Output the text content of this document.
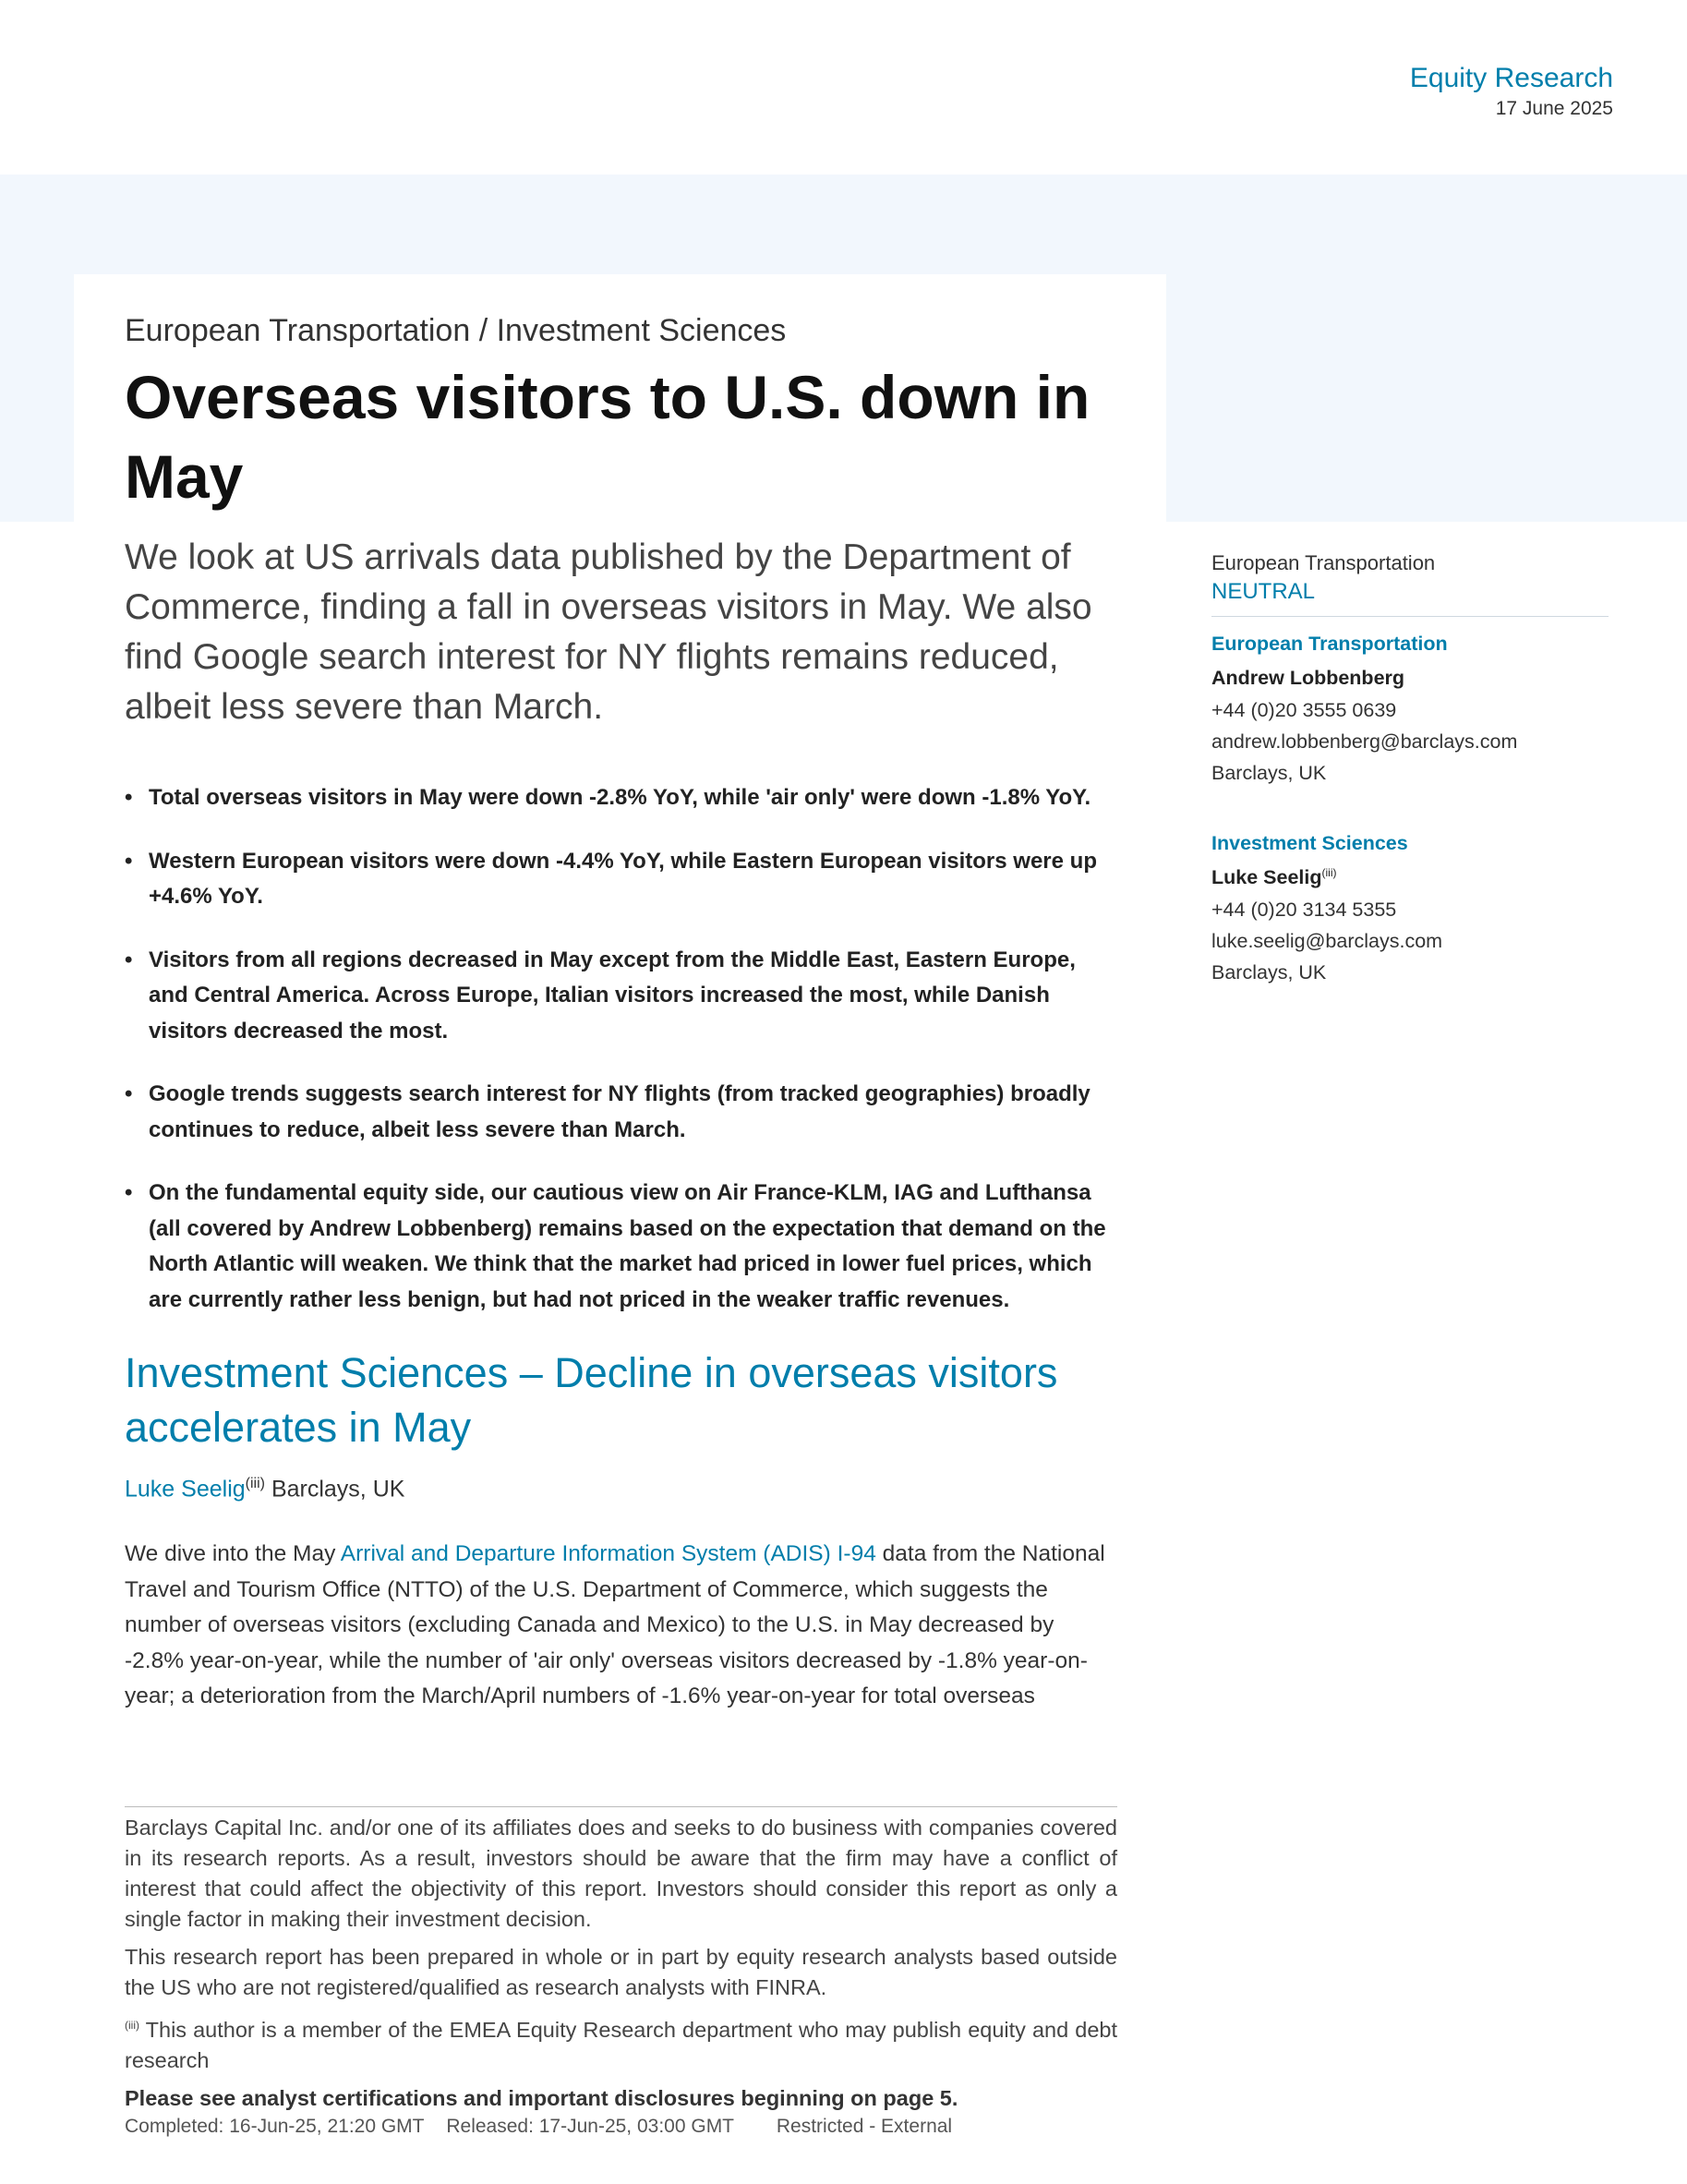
Equity Research
17 June 2025

European Transportation / Investment Sciences

Overseas visitors to U.S. down in May

We look at US arrivals data published by the Department of Commerce, finding a fall in overseas visitors in May. We also find Google search interest for NY flights remains reduced, albeit less severe than March.

• Total overseas visitors in May were down -2.8% YoY, while 'air only' were down -1.8% YoY.
• Western European visitors were down -4.4% YoY, while Eastern European visitors were up +4.6% YoY.
• Visitors from all regions decreased in May except from the Middle East, Eastern Europe, and Central America. Across Europe, Italian visitors increased the most, while Danish visitors decreased the most.
• Google trends suggests search interest for NY flights (from tracked geographies) broadly continues to reduce, albeit less severe than March.
• On the fundamental equity side, our cautious view on Air France-KLM, IAG and Lufthansa (all covered by Andrew Lobbenberg) remains based on the expectation that demand on the North Atlantic will weaken. We think that the market had priced in lower fuel prices, which are currently rather less benign, but had not priced in the weaker traffic revenues.
Investment Sciences – Decline in overseas visitors accelerates in May
Luke Seelig$^{(iii)}$ Barclays, UK
We dive into the May Arrival and Departure Information System (ADIS) I-94 data from the National Travel and Tourism Office (NTTO) of the U.S. Department of Commerce, which suggests the number of overseas visitors (excluding Canada and Mexico) to the U.S. in May decreased by -2.8% year-on-year, while the number of 'air only' overseas visitors decreased by -1.8% year-on-year; a deterioration from the March/April numbers of -1.6% year-on-year for total overseas
European Transportation
NEUTRAL
European Transportation
Andrew Lobbenberg
+44 (0)20 3555 0639
andrew.lobbenberg@barclays.com
Barclays, UK
Investment Sciences
Luke Seelig$^{(iii)}$
+44 (0)20 3134 5355
luke.seelig@barclays.com
Barclays, UK

Barclays Capital Inc. and/or one of its affiliates does and seeks to do business with companies covered in its research reports. As a result, investors should be aware that the firm may have a conflict of interest that could affect the objectivity of this report. Investors should consider this report as only a single factor in making their investment decision.

This research report has been prepared in whole or in part by equity research analysts based outside the US who are not registered/qualified as research analysts with FINRA.

$^{(iii)}$ This author is a member of the EMEA Equity Research department who may publish equity and debt research

Please see analyst certifications and important disclosures beginning on page 5.

Completed: 16-Jun-25, 21:20 GMT Released: 17-Jun-25, 03:00 GMT Restricted - External
